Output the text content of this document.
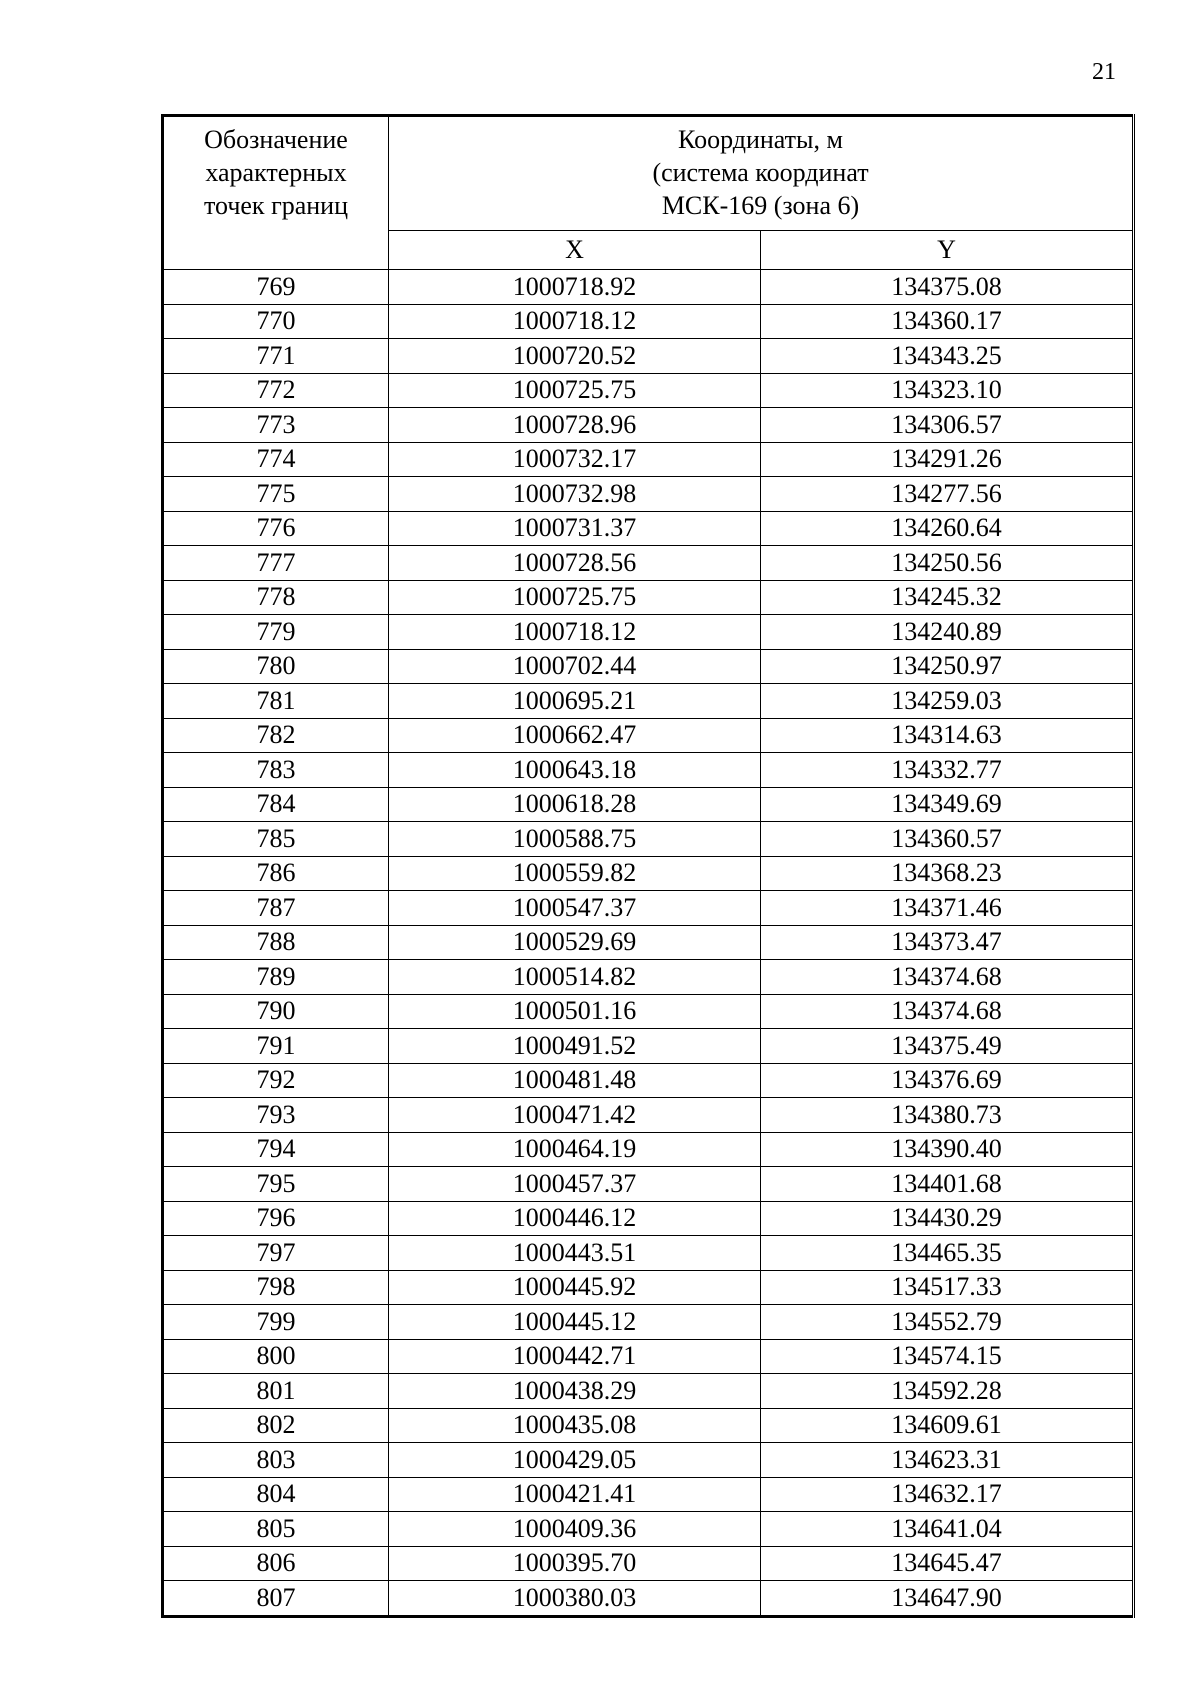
21
Обозначение
характерных
точек границ	Координаты, м
(система координат
МСК-169 (зона 6)	

	X	Y
769	1000718.92	134375.08
770	1000718.12	134360.17
771	1000720.52	134343.25
772	1000725.75	134323.10
773	1000728.96	134306.57
774	1000732.17	134291.26
775	1000732.98	134277.56
776	1000731.37	134260.64
777	1000728.56	134250.56
778	1000725.75	134245.32
779	1000718.12	134240.89
780	1000702.44	134250.97
781	1000695.21	134259.03
782	1000662.47	134314.63
783	1000643.18	134332.77
784	1000618.28	134349.69
785	1000588.75	134360.57
786	1000559.82	134368.23
787	1000547.37	134371.46
788	1000529.69	134373.47
789	1000514.82	134374.68
790	1000501.16	134374.68
791	1000491.52	134375.49
792	1000481.48	134376.69
793	1000471.42	134380.73
794	1000464.19	134390.40
795	1000457.37	134401.68
796	1000446.12	134430.29
797	1000443.51	134465.35
798	1000445.92	134517.33
799	1000445.12	134552.79
800	1000442.71	134574.15
801	1000438.29	134592.28
802	1000435.08	134609.61
803	1000429.05	134623.31
804	1000421.41	134632.17
805	1000409.36	134641.04
806	1000395.70	134645.47
807	1000380.03	134647.90
